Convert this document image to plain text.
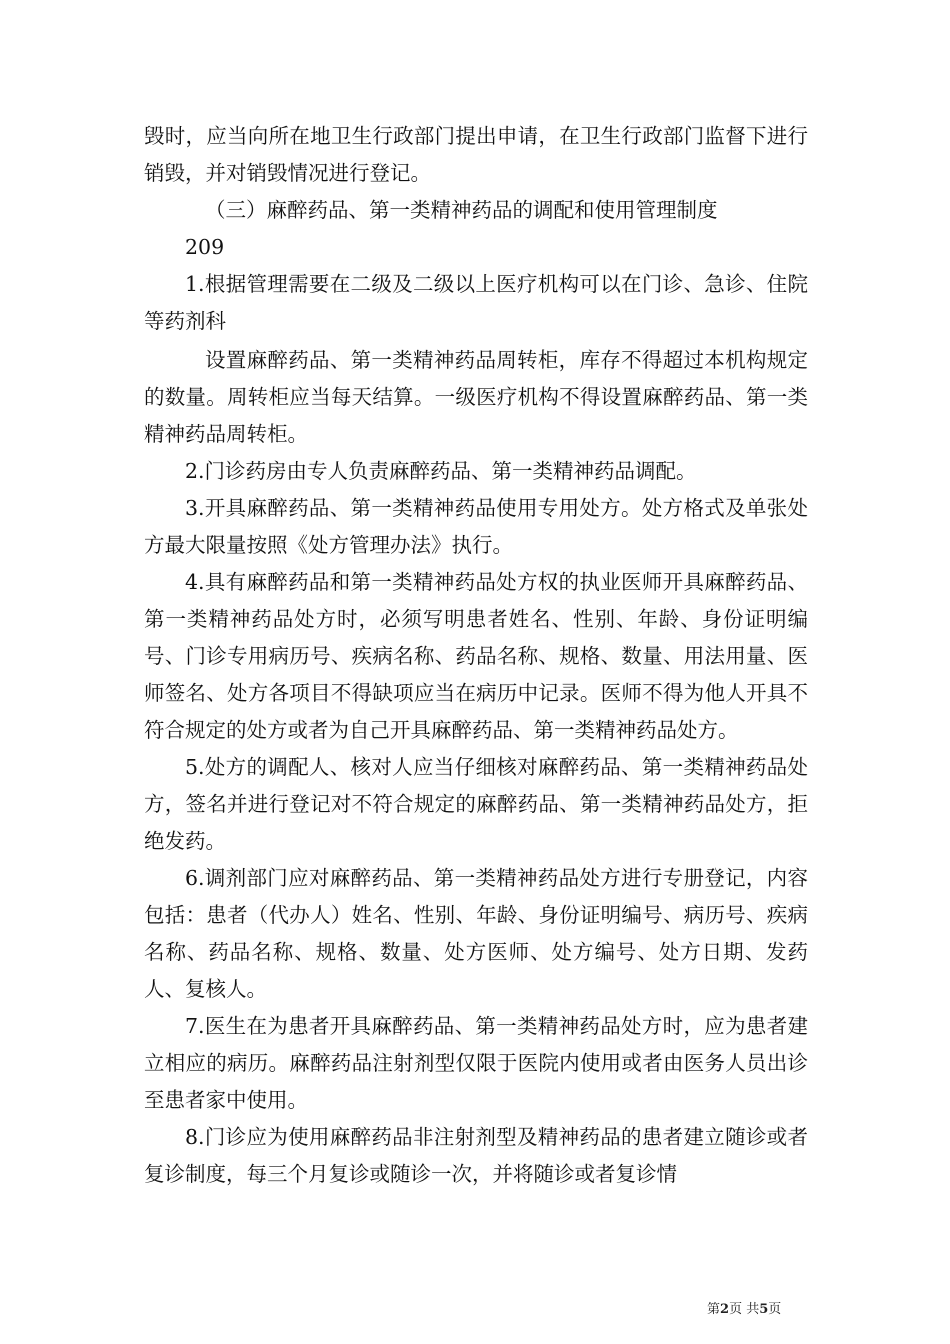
毁时，应当向所在地卫生行政部门提出申请，在卫生行政部门监督下进行销毁，并对销毁情况进行登记。

（三）麻醉药品、第一类精神药品的调配和使用管理制度

209

1.根据管理需要在二级及二级以上医疗机构可以在门诊、急诊、住院等药剂科

设置麻醉药品、第一类精神药品周转柜，库存不得超过本机构规定的数量。周转柜应当每天结算。一级医疗机构不得设置麻醉药品、第一类精神药品周转柜。

2.门诊药房由专人负责麻醉药品、第一类精神药品调配。

3.开具麻醉药品、第一类精神药品使用专用处方。处方格式及单张处方最大限量按照《处方管理办法》执行。

4.具有麻醉药品和第一类精神药品处方权的执业医师开具麻醉药品、第一类精神药品处方时，必须写明患者姓名、性别、年龄、身份证明编号、门诊专用病历号、疾病名称、药品名称、规格、数量、用法用量、医师签名、处方各项目不得缺项应当在病历中记录。医师不得为他人开具不符合规定的处方或者为自己开具麻醉药品、第一类精神药品处方。

5.处方的调配人、核对人应当仔细核对麻醉药品、第一类精神药品处方，签名并进行登记对不符合规定的麻醉药品、第一类精神药品处方，拒绝发药。

6.调剂部门应对麻醉药品、第一类精神药品处方进行专册登记，内容包括：患者（代办人）姓名、性别、年龄、身份证明编号、病历号、疾病名称、药品名称、规格、数量、处方医师、处方编号、处方日期、发药人、复核人。

7.医生在为患者开具麻醉药品、第一类精神药品处方时，应为患者建立相应的病历。麻醉药品注射剂型仅限于医院内使用或者由医务人员出诊至患者家中使用。

8.门诊应为使用麻醉药品非注射剂型及精神药品的患者建立随诊或者复诊制度，每三个月复诊或随诊一次，并将随诊或者复诊情

第2页 共5页
